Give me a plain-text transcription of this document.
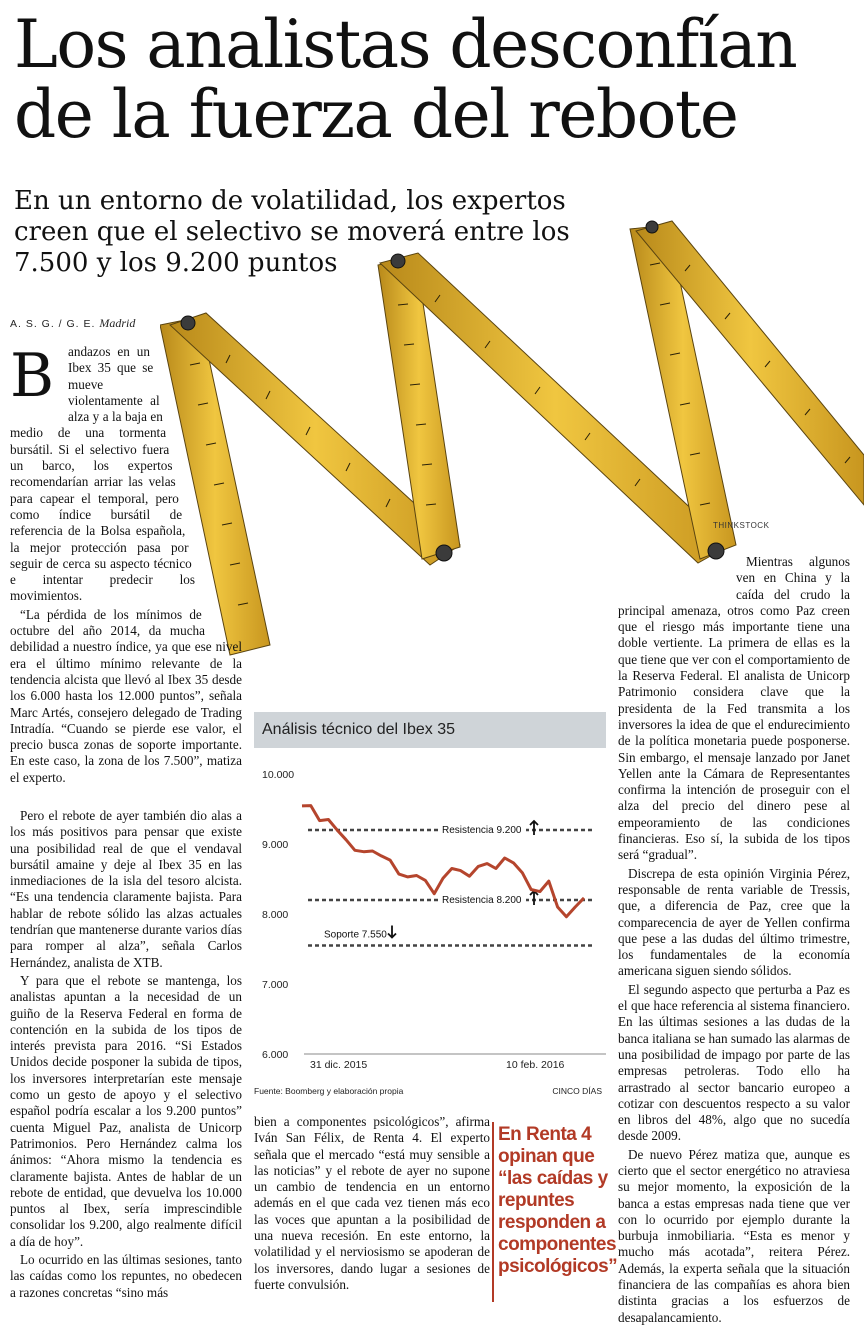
Los analistas desconfían de la fuerza del rebote
En un entorno de volatilidad, los expertos creen que el selectivo se moverá entre los 7.500 y los 9.200 puntos
THINKSTOCK
A. S. G. / G. E. Madrid
B	andazos en un Ibex 35 que se mueve violentamente al alza y a la baja en medio de una tormenta bursátil. Si el selectivo fuera un barco, los expertos recomendarían arriar las velas para capear el temporal, pero como índice bursátil de referencia de la Bolsa española, la mejor protección pasa por seguir de cerca su aspecto técnico e intentar predecir los movimientos.

“La pérdida de los mínimos de octubre del año 2014, da mucha debilidad a nuestro índice, ya que ese nivel era el último mínimo relevante de la tendencia alcista que llevó al Ibex 35 desde los 6.000 hasta los 12.000 puntos”, señala Marc Artés, consejero delegado de Trading Intradía. “Cuando se pierde ese valor, el precio busca zonas de soporte importante. En este caso, la zona de los 7.500”, matiza el experto.

Pero el rebote de ayer también dio alas a los más positivos para pensar que existe una posibilidad real de que el vendaval bursátil amaine y deje al Ibex 35 en las inmediaciones de la isla del tesoro alcista. “Es una tendencia claramente bajista. Para hablar de rebote sólido las alzas actuales tendrían que mantenerse durante varios días para romper al alza”, señala Carlos Hernández, analista de XTB.

Y para que el rebote se mantenga, los analistas apuntan a la necesidad de un guiño de la Reserva Federal en forma de contención en la subida de los tipos de interés prevista para 2016. “Si Estados Unidos decide posponer la subida de tipos, los inversores interpretarían este mensaje como un gesto de apoyo y el selectivo español podría escalar a los 9.200 puntos” cuenta Miguel Paz, analista de Unicorp Patrimonios. Pero Hernández calma los ánimos: “Ahora mismo la tendencia es claramente bajista. Antes de hablar de un rebote de entidad, que devuelva los 10.000 puntos al Ibex, sería imprescindible consolidar los 9.200, algo realmente difícil a día de hoy”.

Lo ocurrido en las últimas sesiones, tanto las caídas como los repuntes, no obedecen a razones concretas “sino más

bien a componentes psicológicos”, afirma Iván San Félix, de Renta 4. El experto señala que el mercado “está muy sensible a las noticias” y el rebote de ayer no supone un cambio de tendencia en un entorno además en el que cada vez tienen más eco las voces que apuntan a la posibilidad de una nueva recesión. En este entorno, la volatilidad y el nerviosismo se apoderan de los inversores, dando lugar a sesiones de fuerte convulsión.

En Renta 4 opinan que “las caídas y repuntes responden a componentes psicológicos”

Mientras algunos ven en China y la caída del crudo la principal amenaza, otros como Paz creen que el riesgo más importante tiene una doble vertiente. La primera de ellas es la que tiene que ver con el comportamiento de la Reserva Federal. El analista de Unicorp Patrimonio considera clave que la presidenta de la Fed transmita a los inversores la idea de que el endurecimiento de la política monetaria puede posponerse. Sin embargo, el mensaje lanzado por Janet Yellen ante la Cámara de Representantes confirma la intención de proseguir con el alza del precio del dinero pese al empeoramiento de las condiciones financieras. Eso sí, la subida de los tipos será “gradual”.

Discrepa de esta opinión Virginia Pérez, responsable de renta variable de Tressis, que, a diferencia de Paz, cree que la comparecencia de ayer de Yellen confirma que pese a las dudas del último trimestre, los fundamentales de la economía americana siguen siendo sólidos.

El segundo aspecto que perturba a Paz es el que hace referencia al sistema financiero. En las últimas sesiones a las dudas de la banca italiana se han sumado las alarmas de una posibilidad de impago por parte de las empresas petroleras. Todo ello ha arrastrado al sector bancario europeo a cotizar con descuentos respecto a su valor en libros del 48%, algo que no sucedía desde 2009.

De nuevo Pérez matiza que, aunque es cierto que el sector energético no atraviesa su mejor momento, la exposición de la banca a estas empresas nada tiene que ver con lo ocurrido por ejemplo durante la burbuja inmobiliaria. “Esta es menor y mucho más acotada”, reitera Pérez. Además, la experta señala que la situación financiera de las compañías es ahora bien distinta gracias a los esfuerzos de desapalancamiento.

Análisis técnico del Ibex 35
10.000
9.000
8.000
7.000
6.000
Resistencia 9.200
Resistencia 8.200
Soporte 7.550
31 dic. 2015	10 feb. 2016
Fuente: Boomberg y elaboración propia	CINCO DÍAS
